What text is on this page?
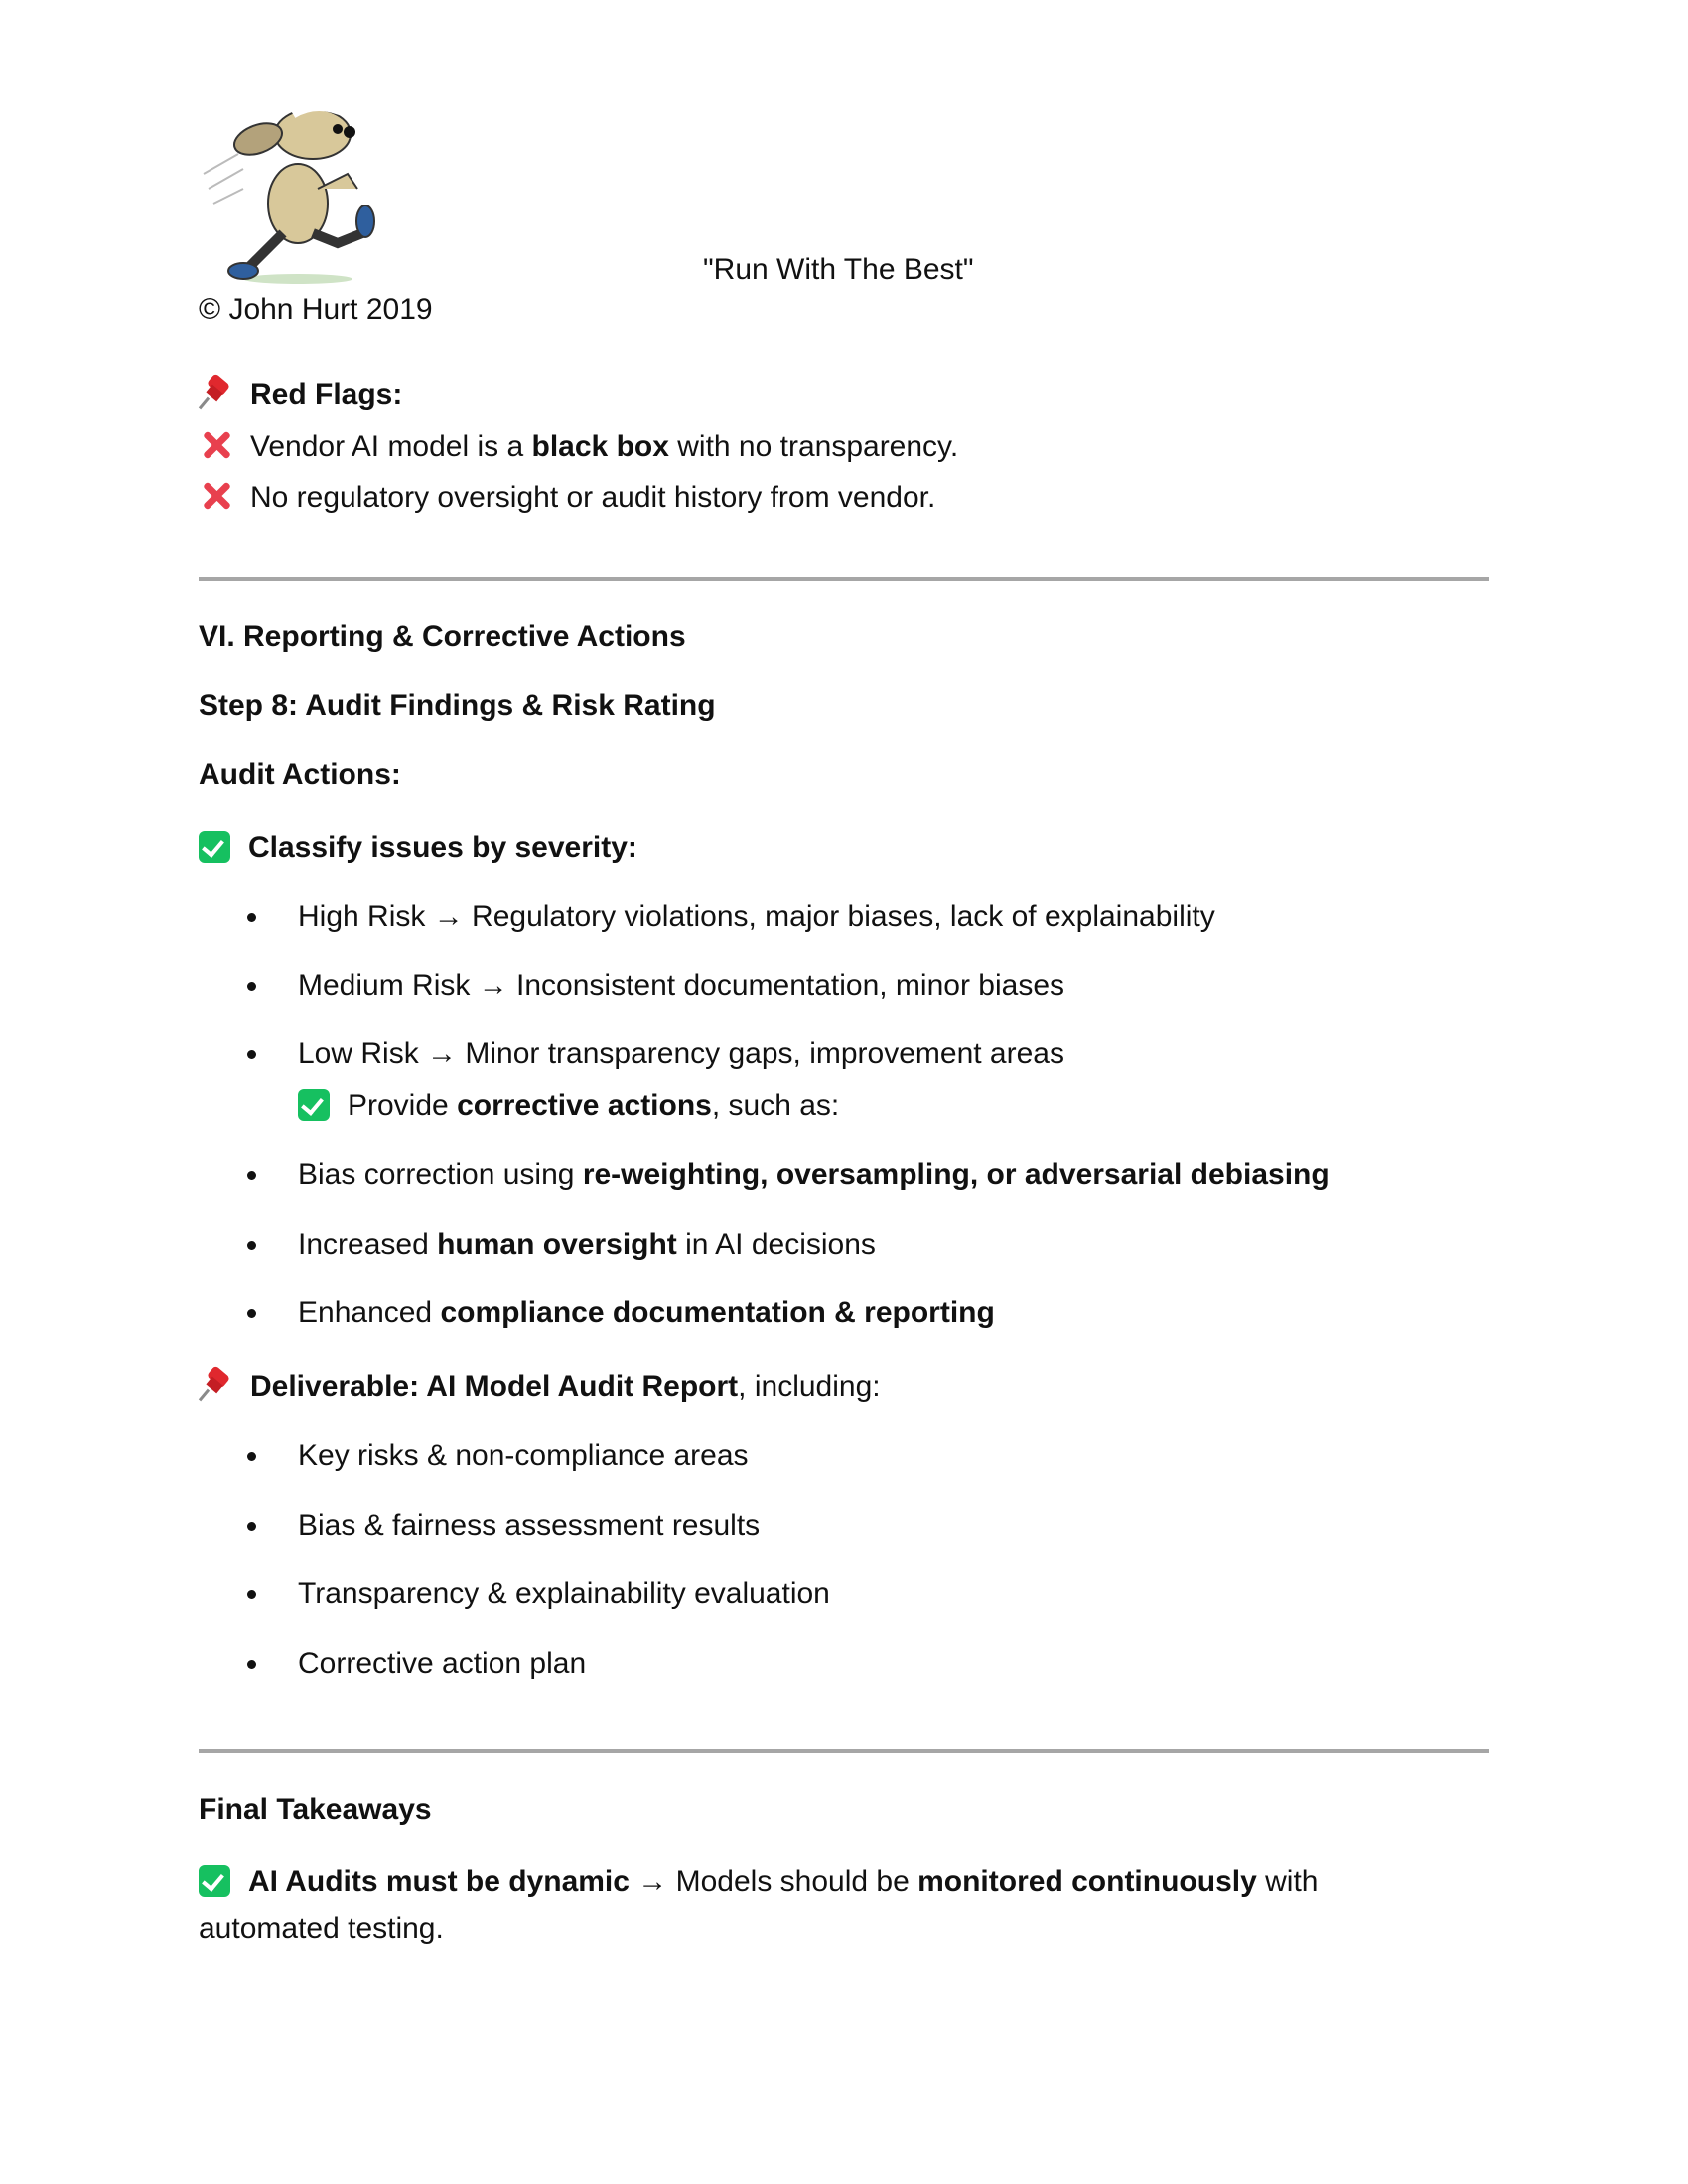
"Run With The Best"
© John Hurt 2019
Red Flags:
Vendor AI model is a black box with no transparency.
No regulatory oversight or audit history from vendor.
VI. Reporting & Corrective Actions
Step 8: Audit Findings & Risk Rating
Audit Actions:
Classify issues by severity:
High Risk → Regulatory violations, major biases, lack of explainability
Medium Risk → Inconsistent documentation, minor biases
Low Risk → Minor transparency gaps, improvement areas
Provide corrective actions, such as:
Bias correction using re-weighting, oversampling, or adversarial debiasing
Increased human oversight in AI decisions
Enhanced compliance documentation & reporting
Deliverable: AI Model Audit Report, including:
Key risks & non-compliance areas
Bias & fairness assessment results
Transparency & explainability evaluation
Corrective action plan
Final Takeaways
AI Audits must be dynamic → Models should be monitored continuously with
automated testing.
